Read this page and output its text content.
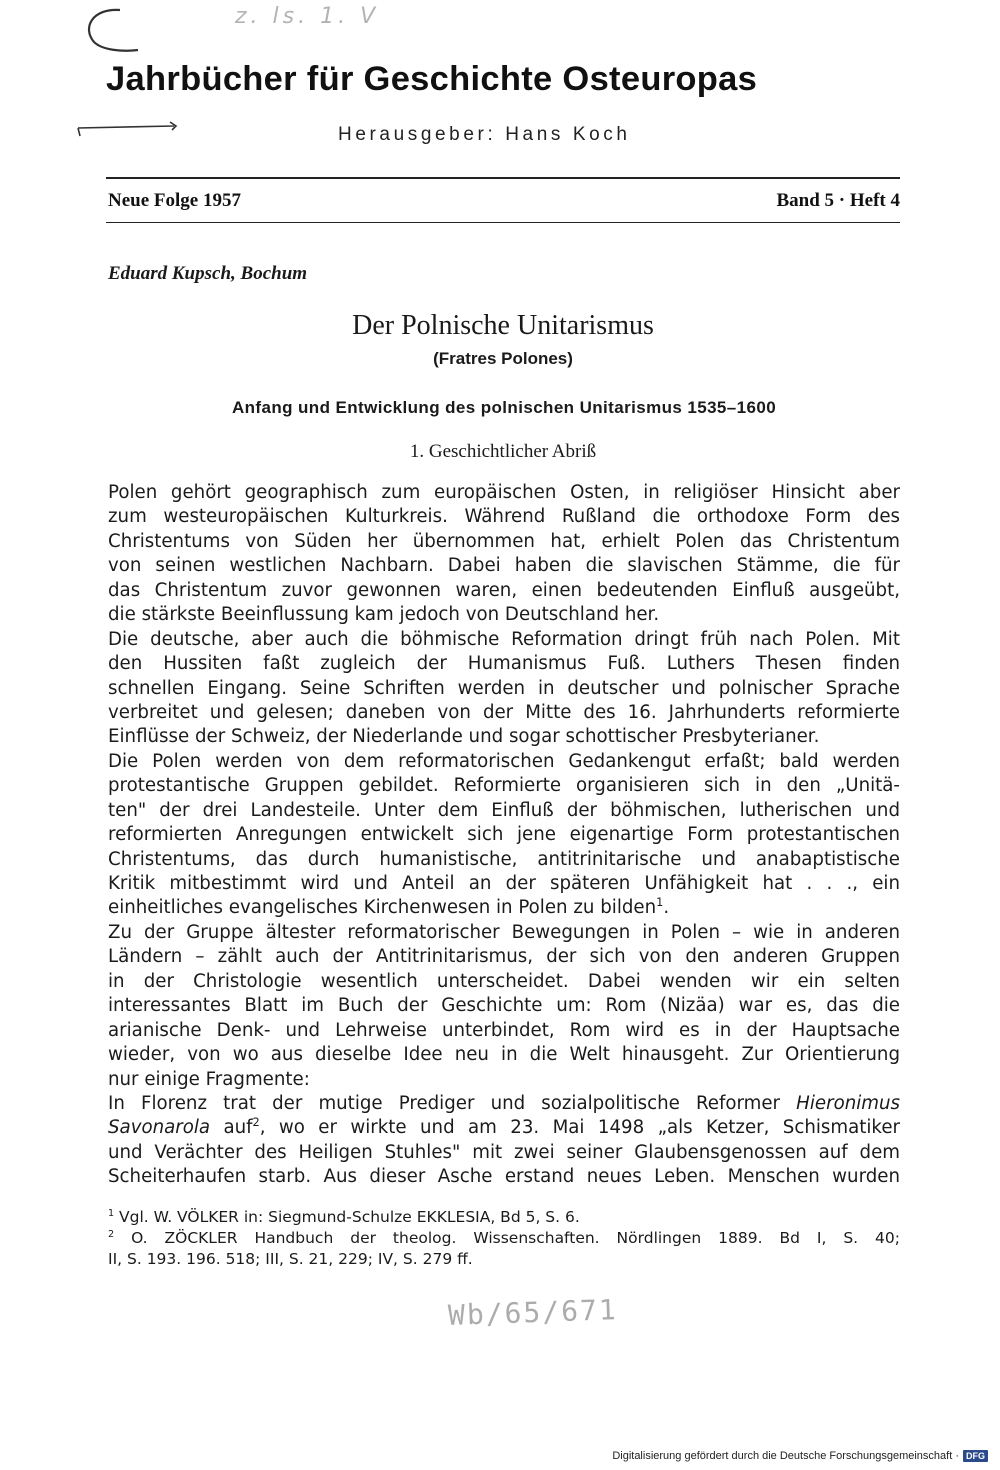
z. ls. 1. V
Jahrbücher für Geschichte Osteuropas
Herausgeber: Hans Koch
Neue Folge 1957	Band 5 · Heft 4
Eduard Kupsch, Bochum
Der Polnische Unitarismus
(Fratres Polones)
Anfang und Entwicklung des polnischen Unitarismus 1535–1600
1. Geschichtlicher Abriß
Polen gehört geographisch zum europäischen Osten, in religiöser Hinsicht aber
zum westeuropäischen Kulturkreis. Während Rußland die orthodoxe Form des
Christentums von Süden her übernommen hat, erhielt Polen das Christentum
von seinen westlichen Nachbarn. Dabei haben die slavischen Stämme, die für
das Christentum zuvor gewonnen waren, einen bedeutenden Einfluß ausgeübt,
die stärkste Beeinflussung kam jedoch von Deutschland her.
Die deutsche, aber auch die böhmische Reformation dringt früh nach Polen. Mit
den Hussiten faßt zugleich der Humanismus Fuß. Luthers Thesen finden
schnellen Eingang. Seine Schriften werden in deutscher und polnischer Sprache
verbreitet und gelesen; daneben von der Mitte des 16. Jahrhunderts reformierte
Einflüsse der Schweiz, der Niederlande und sogar schottischer Presbyterianer.
Die Polen werden von dem reformatorischen Gedankengut erfaßt; bald werden
protestantische Gruppen gebildet. Reformierte organisieren sich in den „Unitä-
ten" der drei Landesteile. Unter dem Einfluß der böhmischen, lutherischen und
reformierten Anregungen entwickelt sich jene eigenartige Form protestantischen
Christentums, das durch humanistische, antitrinitarische und anabaptistische
Kritik mitbestimmt wird und Anteil an der späteren Unfähigkeit hat . . ., ein
einheitliches evangelisches Kirchenwesen in Polen zu bilden$^1$.
Zu der Gruppe ältester reformatorischer Bewegungen in Polen – wie in anderen
Ländern – zählt auch der Antitrinitarismus, der sich von den anderen Gruppen
in der Christologie wesentlich unterscheidet. Dabei wenden wir ein selten
interessantes Blatt im Buch der Geschichte um: Rom (Nizäa) war es, das die
arianische Denk- und Lehrweise unterbindet, Rom wird es in der Hauptsache
wieder, von wo aus dieselbe Idee neu in die Welt hinausgeht. Zur Orientierung
nur einige Fragmente:
In Florenz trat der mutige Prediger und sozialpolitische Reformer Hieronimus
Savonarola auf$^2$, wo er wirkte und am 23. Mai 1498 „als Ketzer, Schismatiker
und Verächter des Heiligen Stuhles" mit zwei seiner Glaubensgenossen auf dem
Scheiterhaufen starb. Aus dieser Asche erstand neues Leben. Menschen wurden
$^1$ Vgl. W. VÖLKER in: Siegmund-Schulze EKKLESIA, Bd 5, S. 6.
$^2$ O. ZÖCKLER Handbuch der theolog. Wissenschaften. Nördlingen 1889. Bd I, S. 40;
II, S. 193. 196. 518; III, S. 21, 229; IV, S. 279 ff.
Wb/65/671
Digitalisierung gefördert durch die Deutsche Forschungsgemeinschaft · DFG
